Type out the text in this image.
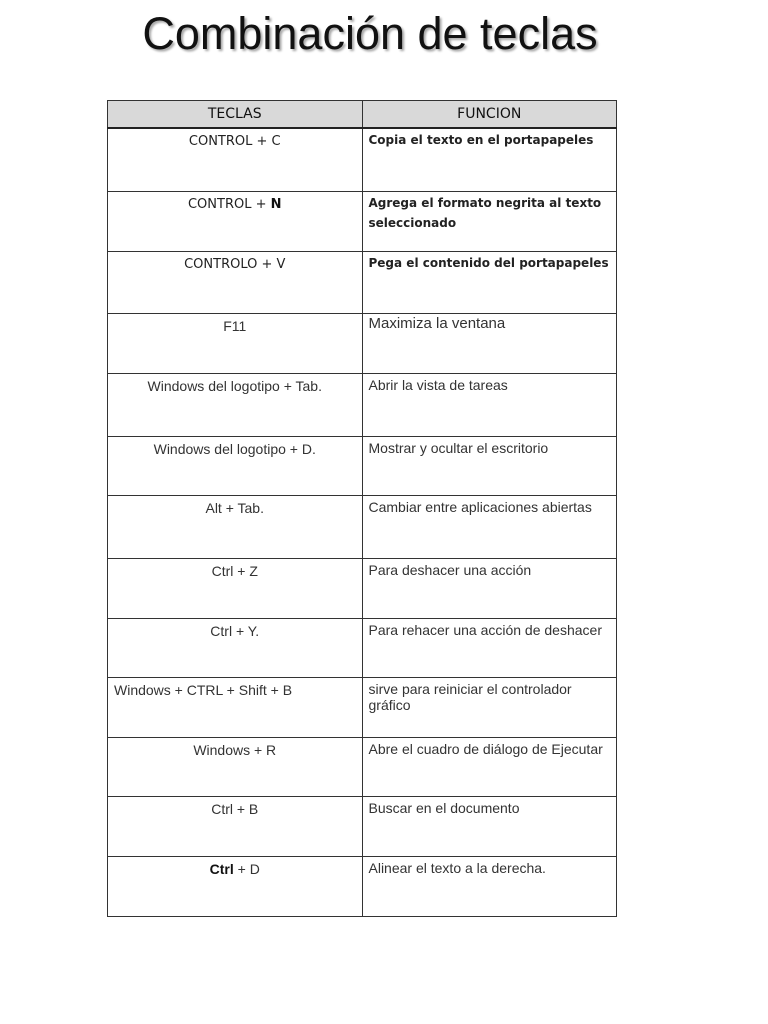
Combinación de teclas
TECLAS	FUNCION
CONTROL + C	Copia el texto en el portapapeles
CONTROL + N	Agrega el formato negrita al texto seleccionado
CONTROLO + V	Pega el contenido del portapapeles
F11	Maximiza la ventana
Windows del logotipo + Tab.	Abrir la vista de tareas
Windows del logotipo + D.	Mostrar y ocultar el escritorio
Alt + Tab.	Cambiar entre aplicaciones abiertas
Ctrl + Z	Para deshacer una acción
Ctrl + Y.	Para rehacer una acción de deshacer
Windows + CTRL + Shift + B	sirve para reiniciar el controlador gráfico
Windows + R	Abre el cuadro de diálogo de Ejecutar
Ctrl + B	Buscar en el documento
Ctrl + D	Alinear el texto a la derecha.
